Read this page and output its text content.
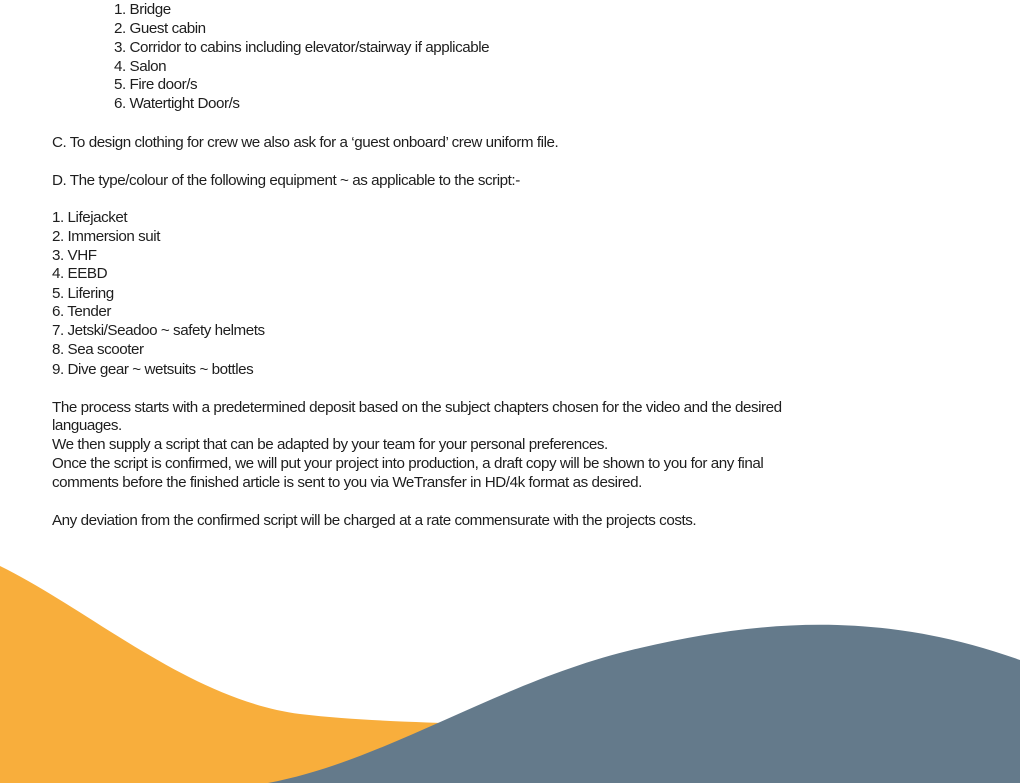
1. Bridge
2. Guest cabin
3. Corridor to cabins including elevator/stairway if applicable
4. Salon
5. Fire door/s
6. Watertight Door/s
C. To design clothing for crew we also ask for a ‘guest onboard’ crew uniform file.
D. The type/colour of the following equipment ~ as applicable to the script:-
1. Lifejacket
2. Immersion suit
3. VHF
4. EEBD
5. Lifering
6. Tender
7. Jetski/Seadoo ~ safety helmets
8. Sea scooter
9. Dive gear ~ wetsuits ~ bottles
The process starts with a predetermined deposit based on the subject chapters chosen for the video and the desired
languages.
We then supply a script that can be adapted by your team for your personal preferences.
Once the script is confirmed, we will put your project into production, a draft copy will be shown to you for any final
comments before the finished article is sent to you via WeTransfer in HD/4k format as desired.
Any deviation from the confirmed script will be charged at a rate commensurate with the projects costs.
